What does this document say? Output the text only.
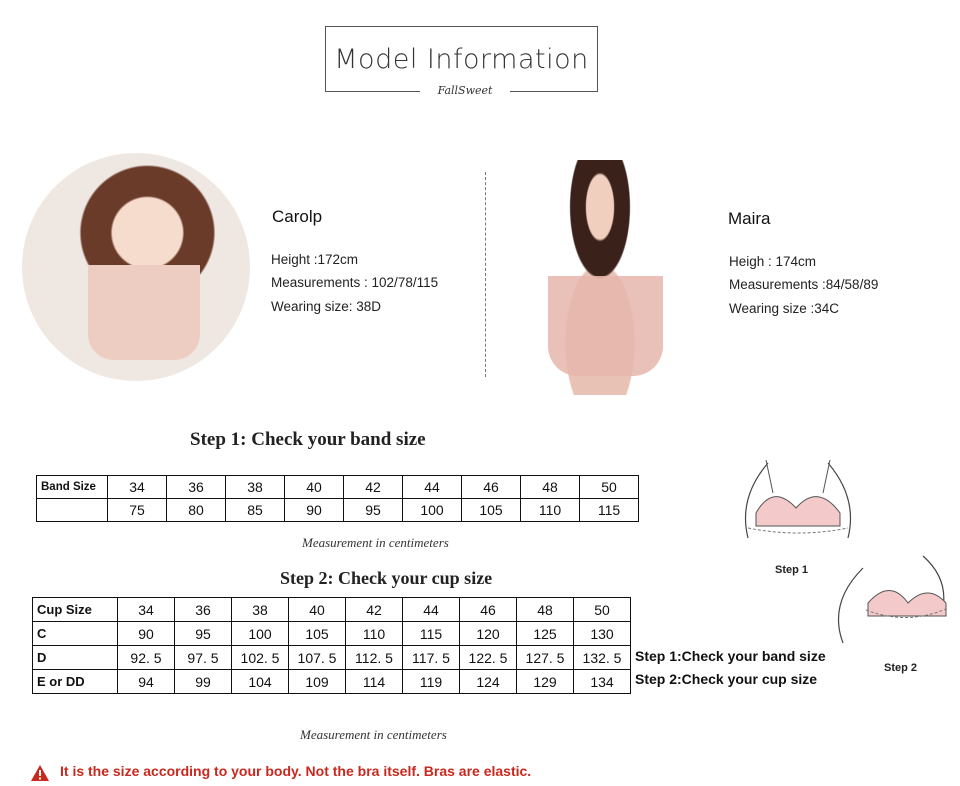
Model Information
FallSweet
Carolp
Height :172cm
Measurements : 102/78/115
Wearing size: 38D
Maira
Heigh : 174cm
Measurements :84/58/89
Wearing size :34C
Step 1: Check your band size
Band Size	34	36	38	40	42	44	46	48	50
	75	80	85	90	95	100	105	110	115
Measurement in centimeters
Step 2: Check your cup size
Cup Size	34	36	38	40	42	44	46	48	50
C	90	95	100	105	110	115	120	125	130
D	92. 5	97. 5	102. 5	107. 5	112. 5	117. 5	122. 5	127. 5	132. 5
E or DD	94	99	104	109	114	119	124	129	134
Measurement in centimeters
Step 1
Step 2
Step 1:Check your band size
Step 2:Check your cup size
It is the size according to your body. Not the bra itself. Bras are elastic.
